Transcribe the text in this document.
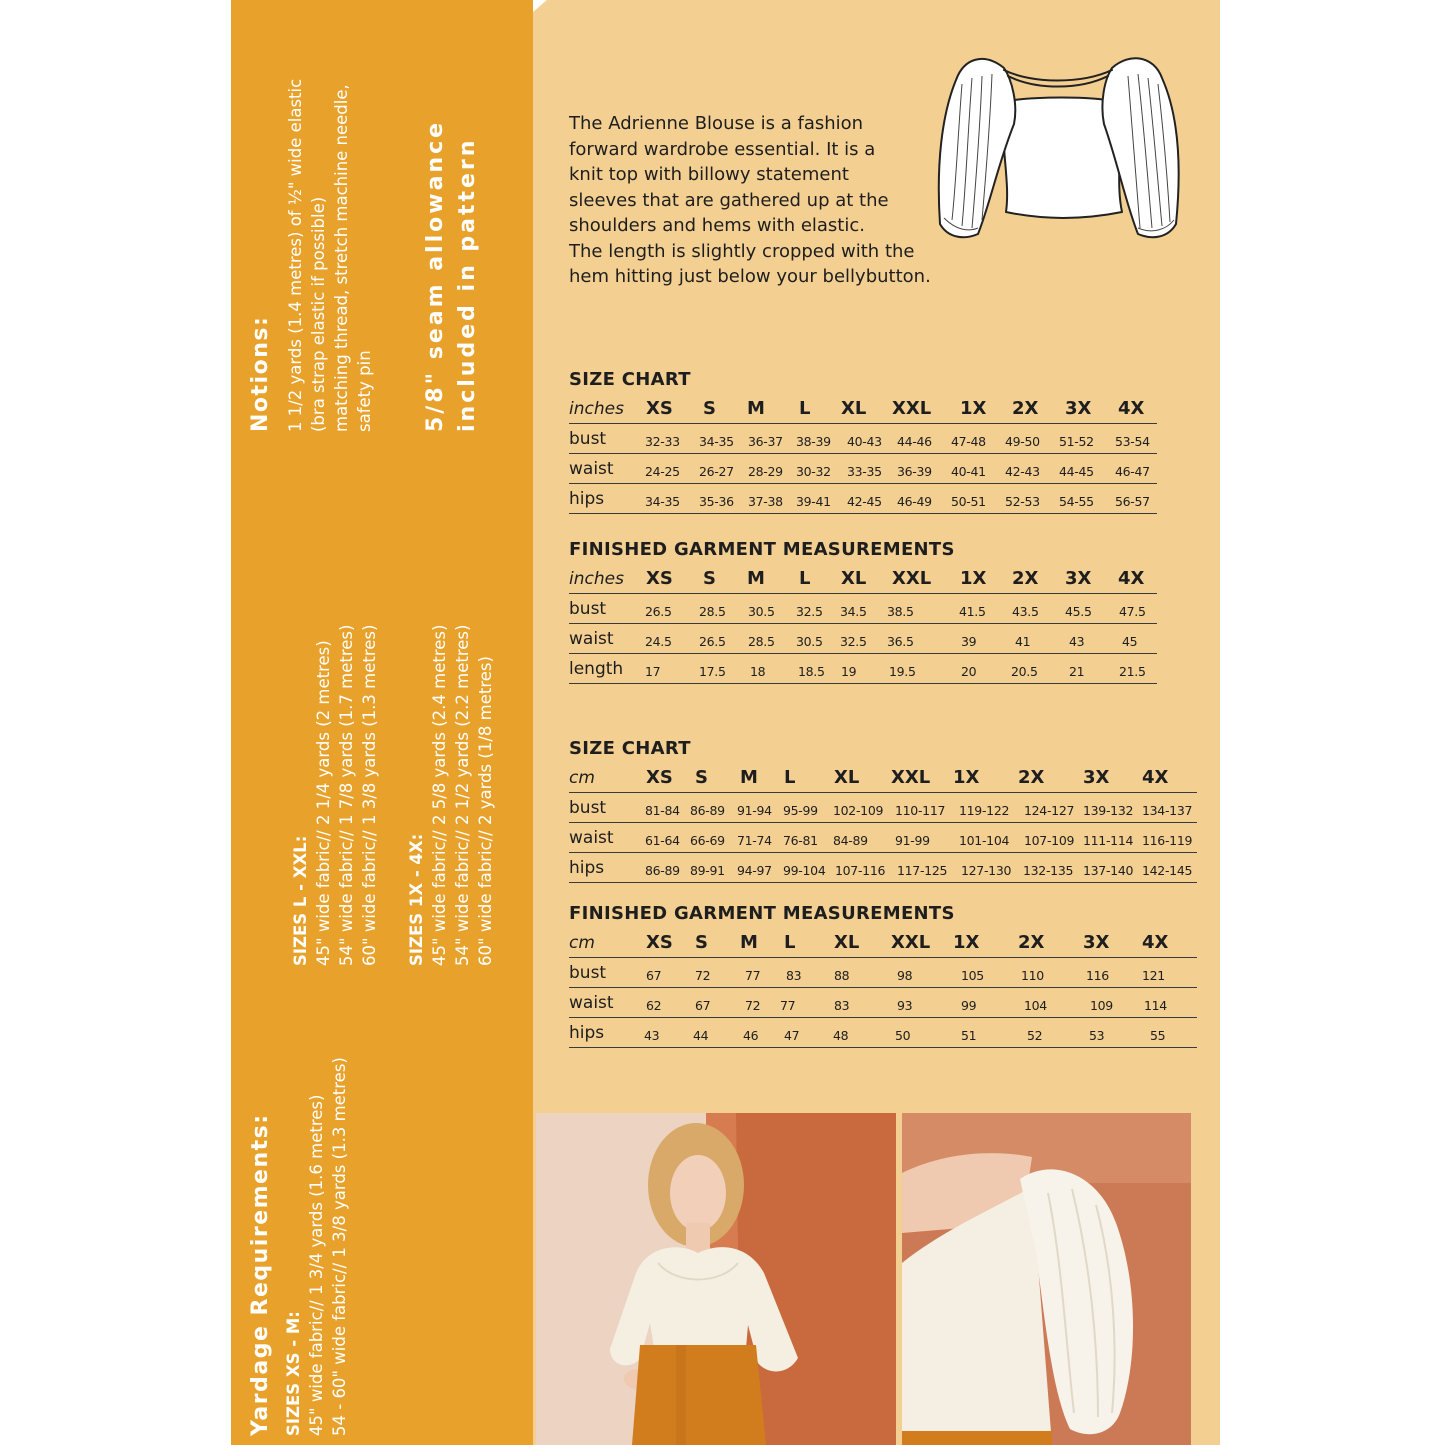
Notions: 1 1/2 yards (1.4 metres) of ½" wide elastic (bra strap elastic if possible) matching thread, stretch machine needle, safety pin 5/8" seam allowance included in pattern
Yardage Requirements: SIZES XS - M: 45" wide fabric// 1 3/4 yards (1.6 metres) 54 - 60" wide fabric// 1 3/8 yards (1.3 metres)
SIZES L - XXL: 45" wide fabric// 2 1/4 yards (2 metres) 54" wide fabric// 1 7/8 yards (1.7 metres) 60" wide fabric// 1 3/8 yards (1.3 metres) SIZES 1X - 4X: 45" wide fabric// 2 5/8 yards (2.4 metres) 54" wide fabric// 2 1/2 yards (2.2 metres) 60" wide fabric// 2 yards (1/8 metres)
The Adrienne Blouse is a fashion
forward wardrobe essential. It is a
knit top with billowy statement
sleeves that are gathered up at the
shoulders and hems with elastic.
The length is slightly cropped with the
hem hitting just below your bellybutton.
SIZE CHART
inches XS S M L XL XXL 1X 2X 3X 4X
bust	32-33 34-35 36-37 38-39 40-43 44-46 47-48 49-50 51-52 53-54
waist	24-25 26-27 28-29 30-32 33-35 36-39 40-41 42-43 44-45 46-47
hips	34-35 35-36 37-38 39-41 42-45 46-49 50-51 52-53 54-55 56-57
FINISHED GARMENT MEASUREMENTS
inches XS S M L XL XXL 1X 2X 3X 4X
bust	26.5 28.5 30.5 32.5 34.5 38.5	41.5 43.5 45.5 47.5
waist	24.5 26.5 28.5 30.5 32.5 36.5	39	41	43	45
length 17	17.5 18	18.5 19	19.5	20	20.5	21	21.5
SIZE CHART
cm	XS S M L XL XXL 1X 2X 3X 4X
bust	81-84 86-89 91-94 95-99 102-109 110-117 119-122 124-127 139-132 134-137
waist	61-64 66-69 71-74 76-81 84-89 91-99 101-104 107-109 111-114 116-119
hips	86-89 89-91 94-97 99-104 107-116 117-125 127-130 132-135 137-140 142-145
FINISHED GARMENT MEASUREMENTS
cm	XS S M L XL XXL 1X 2X 3X 4X
bust	67	72	77 83	88	98	105	110	116	121
waist	62	67	72 77	83	93	99	104	109 114
hips	43	44	46 47	48	50	51	52	53	55
